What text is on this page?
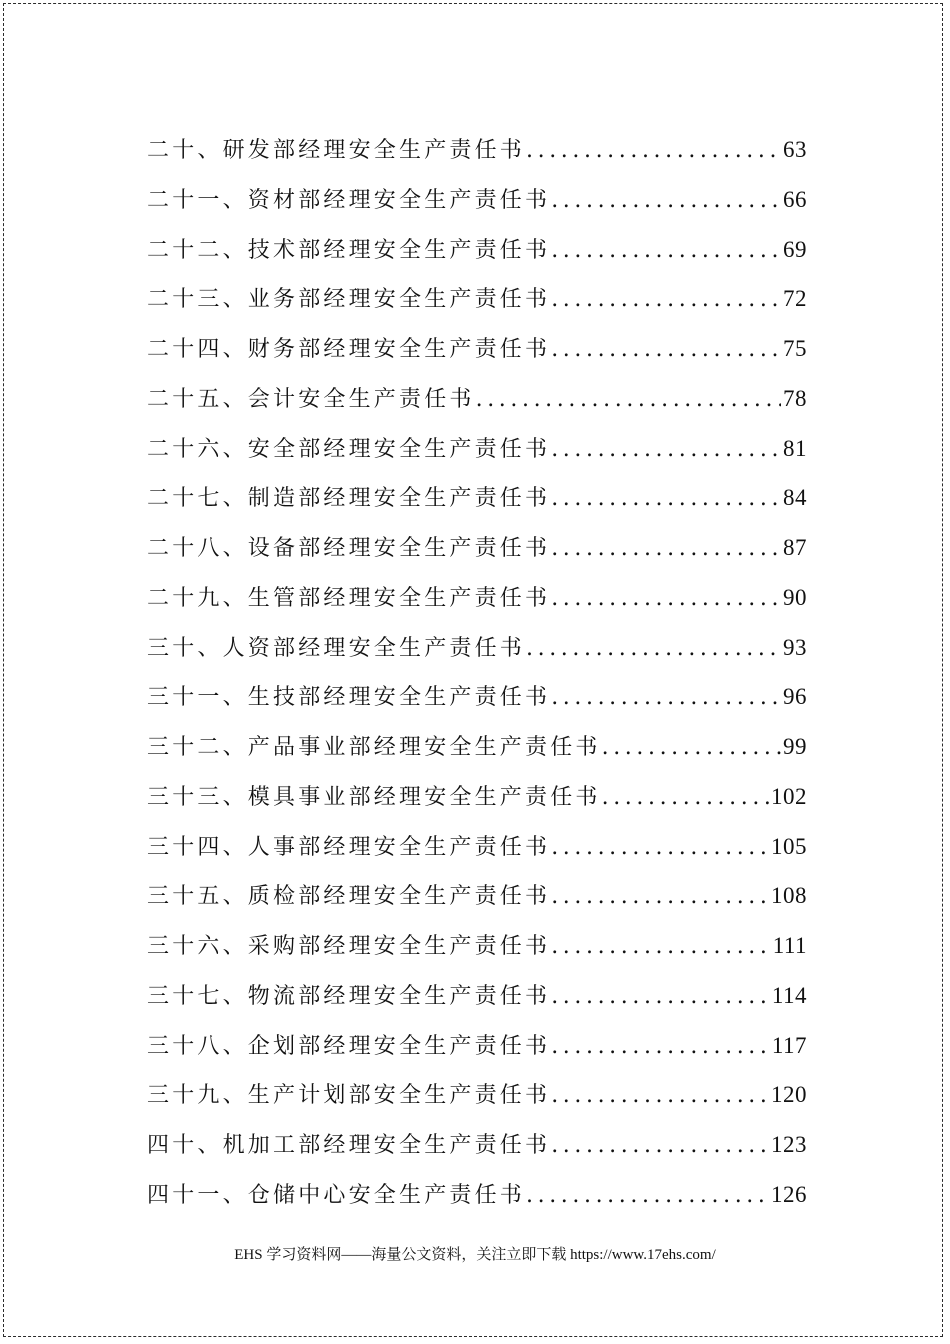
二十、研发部经理安全生产责任书 .....	63
二十一、资材部经理安全生产责任书 .....	66
二十二、技术部经理安全生产责任书 .....	69
二十三、业务部经理安全生产责任书 .....	72
二十四、财务部经理安全生产责任书 .....	75
二十五、会计安全生产责任书 .....	78
二十六、安全部经理安全生产责任书 .....	81
二十七、制造部经理安全生产责任书 .....	84
二十八、设备部经理安全生产责任书 .....	87
二十九、生管部经理安全生产责任书 .....	90
三十、人资部经理安全生产责任书 .....	93
三十一、生技部经理安全生产责任书 .....	96
三十二、产品事业部经理安全生产责任书 .....	99
三十三、模具事业部经理安全生产责任书 .....	102
三十四、人事部经理安全生产责任书 .....	105
三十五、质检部经理安全生产责任书 .....	108
三十六、采购部经理安全生产责任书 .....	111
三十七、物流部经理安全生产责任书 .....	114
三十八、企划部经理安全生产责任书 .....	117
三十九、生产计划部安全生产责任书 .....	120
四十、机加工部经理安全生产责任书 .....	123
四十一、仓储中心安全生产责任书 .....	126
EHS 学习资料网——海量公文资料，关注立即下载 https://www.17ehs.com/
